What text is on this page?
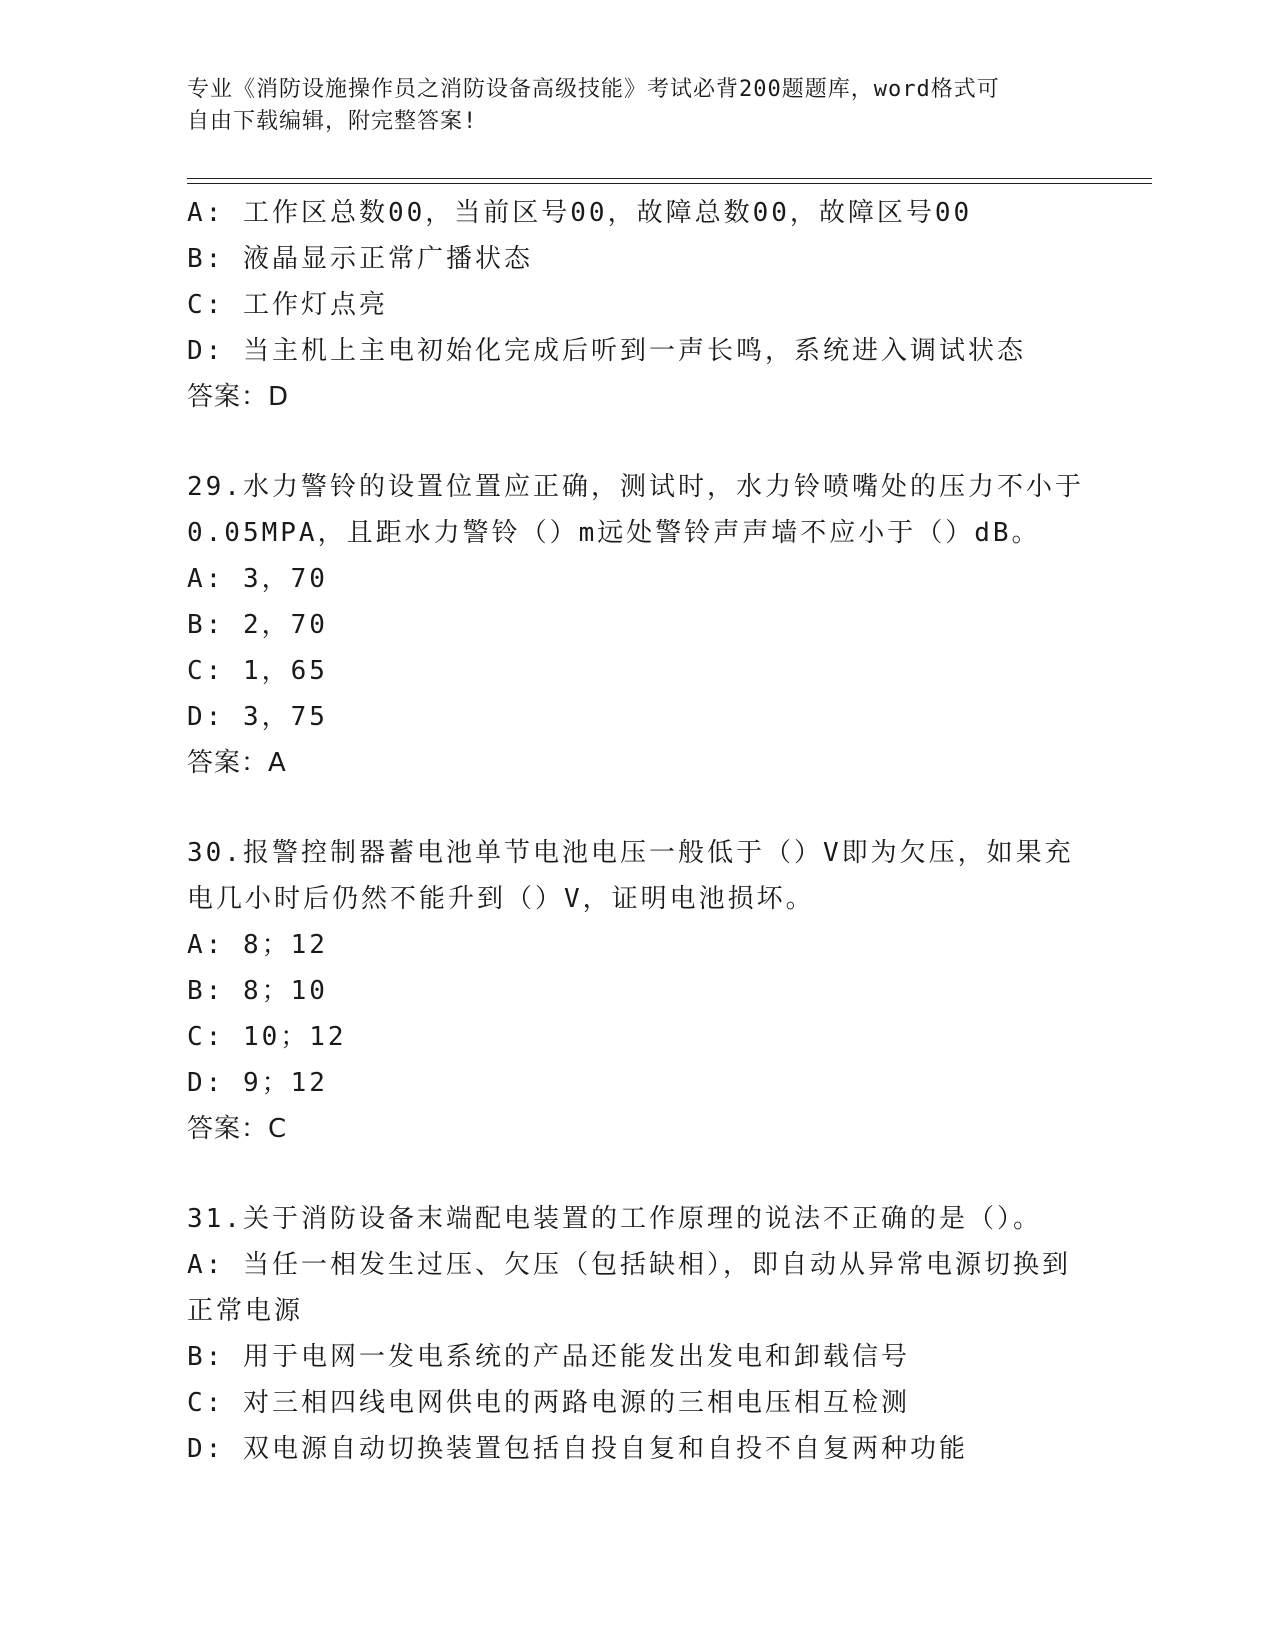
专业《消防设施操作员之消防设备高级技能》考试必背200题题库，word格式可
自由下载编辑，附完整答案!
A: 工作区总数00，当前区号00，故障总数00，故障区号00
B: 液晶显示正常广播状态
C: 工作灯点亮
D: 当主机上主电初始化完成后听到一声长鸣，系统进入调试状态
答案：D
29.水力警铃的设置位置应正确，测试时，水力铃喷嘴处的压力不小于
0.05MPA，且距水力警铃（）m远处警铃声声墙不应小于（）dB。
A: 3，70
B: 2，70
C: 1，65
D: 3，75
答案：A
30.报警控制器蓄电池单节电池电压一般低于（）V即为欠压，如果充
电几小时后仍然不能升到（）V，证明电池损坏。
A: 8；12
B: 8；10
C: 10；12
D: 9；12
答案：C
31.关于消防设备末端配电装置的工作原理的说法不正确的是（）。
A: 当任一相发生过压、欠压（包括缺相），即自动从异常电源切换到
正常电源
B: 用于电网一发电系统的产品还能发出发电和卸载信号
C: 对三相四线电网供电的两路电源的三相电压相互检测
D: 双电源自动切换装置包括自投自复和自投不自复两种功能
